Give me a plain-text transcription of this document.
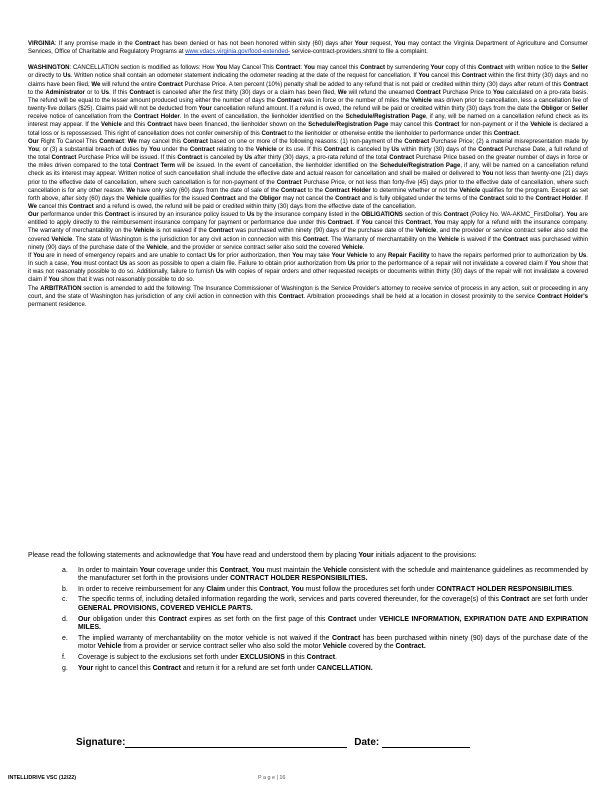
VIRGINIA: If any promise made in the Contract has been denied or has not been honored within sixty (60) days after Your request, You may contact the Virginia Department of Agriculture and Consumer Services, Office of Charitable and Regulatory Programs at www.vdacs.virginia.gov/food-extended- service-contract-providers.shtml to file a complaint.

WASHINGTON: CANCELLATION section is modified as follows: How You May Cancel This Contract: You may cancel this Contract by surrendering Your copy of this Contract with written notice to the Seller or directly to Us. Written notice shall contain an odometer statement indicating the odometer reading at the date of the request for cancellation. If You cancel this Contract within the first thirty (30) days and no claims have been filed, We will refund the entire Contract Purchase Price. A ten percent (10%) penalty shall be added to any refund that is not paid or credited within thirty (30) days after return of this Contract to the Administrator or to Us. If this Contract is canceled after the first thirty (30) days or a claim has been filed, We will refund the unearned Contract Purchase Price to You calculated on a pro-rata basis. The refund will be equal to the lesser amount produced using either the number of days the Contract was in force or the number of miles the Vehicle was driven prior to cancellation, less a cancellation fee of twenty-five dollars ($25). Claims paid will not be deducted from Your cancellation refund amount. If a refund is owed, the refund will be paid or credited within thirty (30) days from the date the Obligor or Seller receive notice of cancellation from the Contract Holder. In the event of cancellation, the lienholder identified on the Schedule/Registration Page, if any, will be named on a cancellation refund check as its interest may appear. If the Vehicle and this Contract have been financed, the lienholder shown on the Schedule/Registration Page may cancel this Contract for non-payment or if the Vehicle is declared a total loss or is repossessed. This right of cancellation does not confer ownership of this Contract to the lienholder or otherwise entitle the lienholder to performance under this Contract.

Our Right To Cancel This Contract: We may cancel this Contract based on one or more of the following reasons: (1) non-payment of the Contract Purchase Price; (2) a material misrepresentation made by You; or (3) a substantial breach of duties by You under the Contract relating to the Vehicle or its use. If this Contract is canceled by Us within thirty (30) days of the Contract Purchase Date, a full refund of the total Contract Purchase Price will be issued. If this Contract is canceled by Us after thirty (30) days, a pro-rata refund of the total Contract Purchase Price based on the greater number of days in force or the miles driven compared to the total Contract Term will be issued. In the event of cancellation, the lienholder identified on the Schedule/Registration Page, if any, will be named on a cancellation refund check as its interest may appear. Written notice of such cancellation shall include the effective date and actual reason for cancellation and shall be mailed or delivered to You not less than twenty-one (21) days prior to the effective date of cancellation, where such cancellation is for non-payment of the Contract Purchase Price, or not less than forty-five (45) days prior to the effective date of cancellation, where such cancellation is for any other reason. We have only sixty (60) days from the date of sale of the Contract to the Contract Holder to determine whether or not the Vehicle qualifies for the program. Except as set forth above, after sixty (60) days the Vehicle qualifies for the issued Contract and the Obligor may not cancel the Contract and is fully obligated under the terms of the Contract sold to the Contract Holder. If We cancel this Contract and a refund is owed, the refund will be paid or credited within thirty (30) days from the effective date of the cancellation.

Our performance under this Contract is insured by an insurance policy issued to Us by the insurance company listed in the OBLIGATIONS section of this Contract (Policy No. WA-AKMC_FirstDollar). You are entitled to apply directly to the reimbursement insurance company for payment or performance due under this Contract. If You cancel this Contract, You may apply for a refund with the insurance company. The warranty of merchantability on the Vehicle is not waived if the Contract was purchased within ninety (90) days of the purchase date of the Vehicle, and the provider or service contract seller also sold the covered Vehicle. The state of Washington is the jurisdiction for any civil action in connection with this Contract. The Warranty of merchantability on the Vehicle is waived if the Contract was purchased within ninety (90) days of the purchase date of the Vehicle, and the provider or service contract seller also sold the covered Vehicle.

If You are in need of emergency repairs and are unable to contact Us for prior authorization, then You may take Your Vehicle to any Repair Facility to have the repairs performed prior to authorization by Us. In such a case, You must contact Us as soon as possible to open a claim file. Failure to obtain prior authorization from Us prior to the performance of a repair will not invalidate a covered claim if You show that it was not reasonably possible to do so. Additionally, failure to furnish Us with copies of repair orders and other requested receipts or documents within thirty (30) days of the repair will not invalidate a covered claim if You show that it was not reasonably possible to do so.

The ARBITRATION section is amended to add the following: The Insurance Commissioner of Washington is the Service Provider's attorney to receive service of process in any action, suit or proceeding in any court, and the state of Washington has jurisdiction of any civil action in connection with this Contract. Arbitration proceedings shall be held at a location in closest proximity to the service Contract Holder's permanent residence.

Please read the following statements and acknowledge that You have read and understood them by placing Your initials adjacent to the provisions:

a. In order to maintain Your coverage under this Contract, You must maintain the Vehicle consistent with the schedule and maintenance guidelines as recommended by the manufacturer set forth in the provisions under CONTRACT HOLDER RESPONSIBILITIES.
b. In order to receive reimbursement for any Claim under this Contract, You must follow the procedures set forth under CONTRACT HOLDER RESPONSIBILITIES.
c. The specific terms of, including detailed information regarding the work, services and parts covered thereunder, for the coverage(s) of this Contract are set forth under GENERAL PROVISIONS, COVERED VEHICLE PARTS.
d. Our obligation under this Contract expires as set forth on the first page of this Contract under VEHICLE INFORMATION, EXPIRATION DATE AND EXPIRATION MILES.
e. The implied warranty of merchantability on the motor vehicle is not waived if the Contract has been purchased within ninety (90) days of the purchase date of the motor Vehicle from a provider or service contract seller who also sold the motor Vehicle covered by the Contract.
f. Coverage is subject to the exclusions set forth under EXCLUSIONS in this Contract.
g. Your right to cancel this Contract and return it for a refund are set forth under CANCELLATION.
Signature:	Date:
INTELLIDRIVE VSC (12/22)	P a g e | 16
